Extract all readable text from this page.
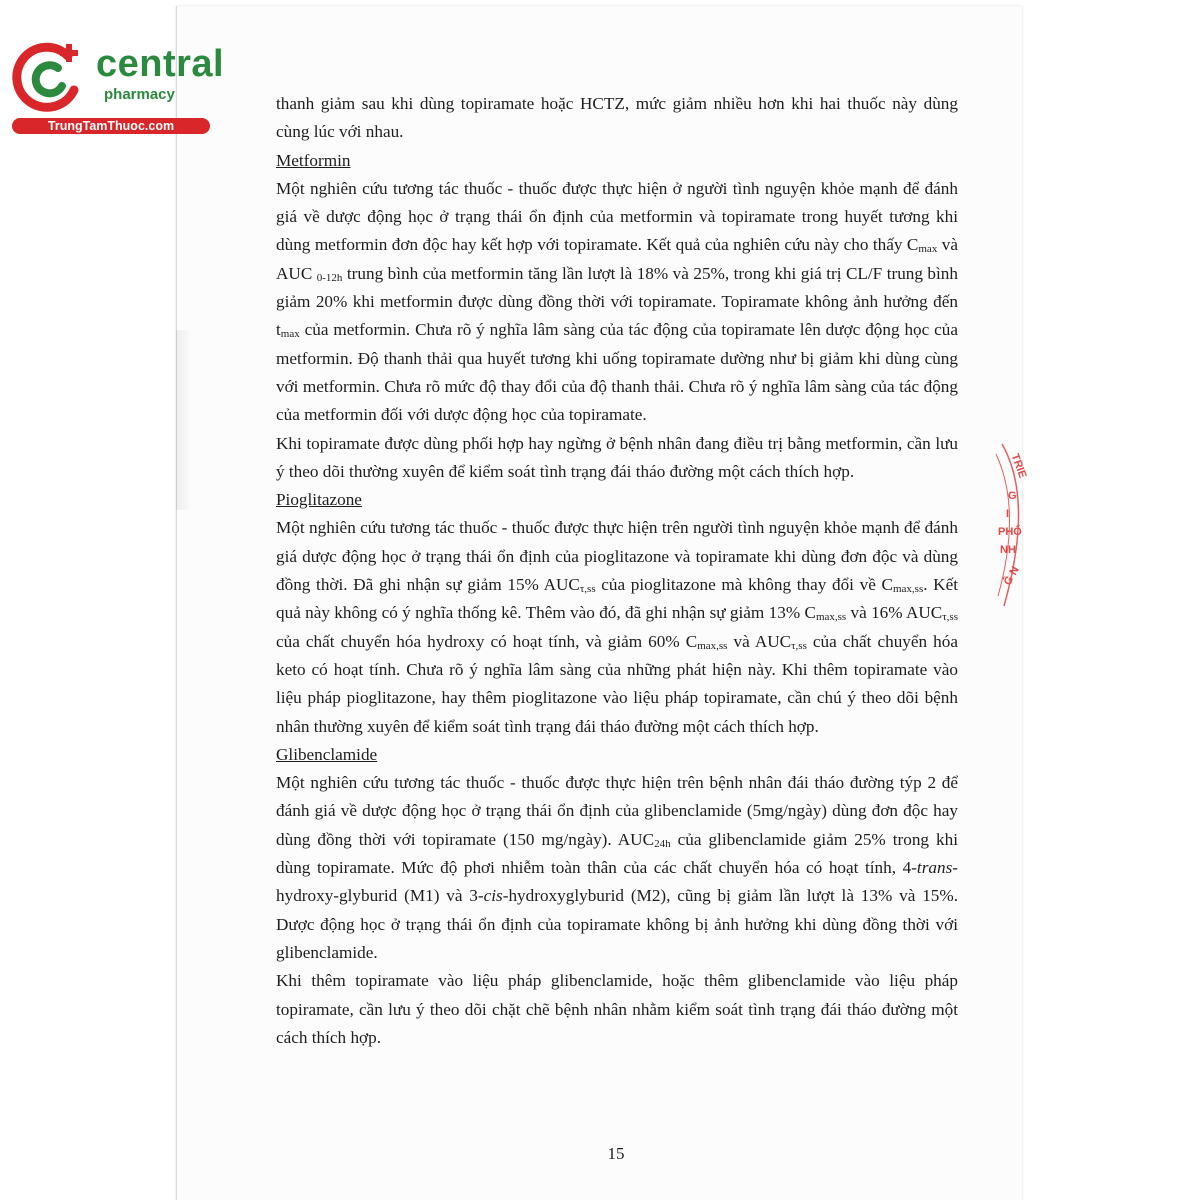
central
pharmacy
TrungTamThuoc.com
TRIE
G
I
PHỐ
NH
Ĝ N

thanh giảm sau khi dùng topiramate hoặc HCTZ, mức giảm nhiều hơn khi hai thuốc này dùng cùng lúc với nhau.

Metformin

Một nghiên cứu tương tác thuốc - thuốc được thực hiện ở người tình nguyện khỏe mạnh để đánh giá về dược động học ở trạng thái ổn định của metformin và topiramate trong huyết tương khi dùng metformin đơn độc hay kết hợp với topiramate. Kết quả của nghiên cứu này cho thấy $C_{max}$ và AUC $_{0-12h}$ trung bình của metformin tăng lần lượt là 18% và 25%, trong khi giá trị CL/F trung bình giảm 20% khi metformin được dùng đồng thời với topiramate. Topiramate không ảnh hưởng đến $t_{max}$ của metformin. Chưa rõ ý nghĩa lâm sàng của tác động của topiramate lên dược động học của metformin. Độ thanh thải qua huyết tương khi uống topiramate dường như bị giảm khi dùng cùng với metformin. Chưa rõ mức độ thay đổi của độ thanh thải. Chưa rõ ý nghĩa lâm sàng của tác động của metformin đối với dược động học của topiramate.

Khi topiramate được dùng phối hợp hay ngừng ở bệnh nhân đang điều trị bằng metformin, cần lưu ý theo dõi thường xuyên để kiểm soát tình trạng đái tháo đường một cách thích hợp.

Pioglitazone

Một nghiên cứu tương tác thuốc - thuốc được thực hiện trên người tình nguyện khỏe mạnh để đánh giá dược động học ở trạng thái ổn định của pioglitazone và topiramate khi dùng đơn độc và dùng đồng thời. Đã ghi nhận sự giảm 15% $AUC_{\tau,ss}$ của pioglitazone mà không thay đổi về $C_{max,ss}$. Kết quả này không có ý nghĩa thống kê. Thêm vào đó, đã ghi nhận sự giảm 13% $C_{max,ss}$ và 16% $AUC_{\tau,ss}$ của chất chuyển hóa hydroxy có hoạt tính, và giảm 60% $C_{max,ss}$ và $AUC_{\tau,ss}$ của chất chuyển hóa keto có hoạt tính. Chưa rõ ý nghĩa lâm sàng của những phát hiện này. Khi thêm topiramate vào liệu pháp pioglitazone, hay thêm pioglitazone vào liệu pháp topiramate, cần chú ý theo dõi bệnh nhân thường xuyên để kiểm soát tình trạng đái tháo đường một cách thích hợp.

Glibenclamide

Một nghiên cứu tương tác thuốc - thuốc được thực hiện trên bệnh nhân đái tháo đường týp 2 để đánh giá về dược động học ở trạng thái ổn định của glibenclamide (5mg/ngày) dùng đơn độc hay dùng đồng thời với topiramate (150 mg/ngày). $AUC_{24h}$ của glibenclamide giảm 25% trong khi dùng topiramate. Mức độ phơi nhiễm toàn thân của các chất chuyển hóa có hoạt tính, 4-trans-hydroxy-glyburid (M1) và 3-cis-hydroxyglyburid (M2), cũng bị giảm lần lượt là 13% và 15%. Dược động học ở trạng thái ổn định của topiramate không bị ảnh hưởng khi dùng đồng thời với glibenclamide.

Khi thêm topiramate vào liệu pháp glibenclamide, hoặc thêm glibenclamide vào liệu pháp topiramate, cần lưu ý theo dõi chặt chẽ bệnh nhân nhằm kiểm soát tình trạng đái tháo đường một cách thích hợp.

15
